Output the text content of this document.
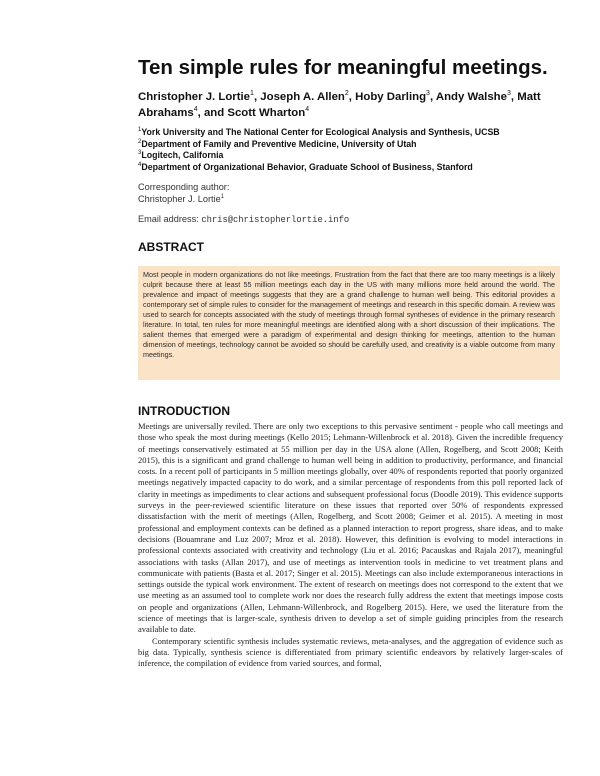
Ten simple rules for meaningful meetings.
Christopher J. Lortie$^1$, Joseph A. Allen$^2$, Hoby Darling$^3$, Andy Walshe$^3$, Matt Abrahams$^4$, and Scott Wharton$^4$
$^1$York University and The National Center for Ecological Analysis and Synthesis, UCSB
$^2$Department of Family and Preventive Medicine, University of Utah
$^3$Logitech, California
$^4$Department of Organizational Behavior, Graduate School of Business, Stanford
Corresponding author:
Christopher J. Lortie$^1$
Email address: chris@christopherlortie.info
ABSTRACT
Most people in modern organizations do not like meetings. Frustration from the fact that there are too many meetings is a likely culprit because there at least 55 million meetings each day in the US with many millions more held around the world. The prevalence and impact of meetings suggests that they are a grand challenge to human well being. This editorial provides a contemporary set of simple rules to consider for the management of meetings and research in this specific domain. A review was used to search for concepts associated with the study of meetings through formal syntheses of evidence in the primary research literature. In total, ten rules for more meaningful meetings are identified along with a short discussion of their implications. The salient themes that emerged were a paradigm of experimental and design thinking for meetings, attention to the human dimension of meetings, technology cannot be avoided so should be carefully used, and creativity is a viable outcome from many meetings.
INTRODUCTION

Meetings are universally reviled. There are only two exceptions to this pervasive sentiment - people who call meetings and those who speak the most during meetings (Kello 2015; Lehmann-Willenbrock et al. 2018). Given the incredible frequency of meetings conservatively estimated at 55 million per day in the USA alone (Allen, Rogelberg, and Scott 2008; Keith 2015), this is a significant and grand challenge to human well being in addition to productivity, performance, and financial costs. In a recent poll of participants in 5 million meetings globally, over 40% of respondents reported that poorly organized meetings negatively impacted capacity to do work, and a similar percentage of respondents from this poll reported lack of clarity in meetings as impediments to clear actions and subsequent professional focus (Doodle 2019). This evidence supports surveys in the peer-reviewed scientific literature on these issues that reported over 50% of respondents expressed dissatisfaction with the merit of meetings (Allen, Rogelberg, and Scott 2008; Geimer et al. 2015). A meeting in most professional and employment contexts can be defined as a planned interaction to report progress, share ideas, and to make decisions (Bouamrane and Luz 2007; Mroz et al. 2018). However, this definition is evolving to model interactions in professional contexts associated with creativity and technology (Liu et al. 2016; Pacauskas and Rajala 2017), meaningful associations with tasks (Allan 2017), and use of meetings as intervention tools in medicine to vet treatment plans and communicate with patients (Basta et al. 2017; Singer et al. 2015). Meetings can also include extemporaneous interactions in settings outside the typical work environment. The extent of research on meetings does not correspond to the extent that we use meeting as an assumed tool to complete work nor does the research fully address the extent that meetings impose costs on people and organizations (Allen, Lehmann-Willenbrock, and Rogelberg 2015). Here, we used the literature from the science of meetings that is larger-scale, synthesis driven to develop a set of simple guiding principles from the research available to date.

Contemporary scientific synthesis includes systematic reviews, meta-analyses, and the aggregation of evidence such as big data. Typically, synthesis science is differentiated from primary scientific endeavors by relatively larger-scales of inference, the compilation of evidence from varied sources, and formal,
